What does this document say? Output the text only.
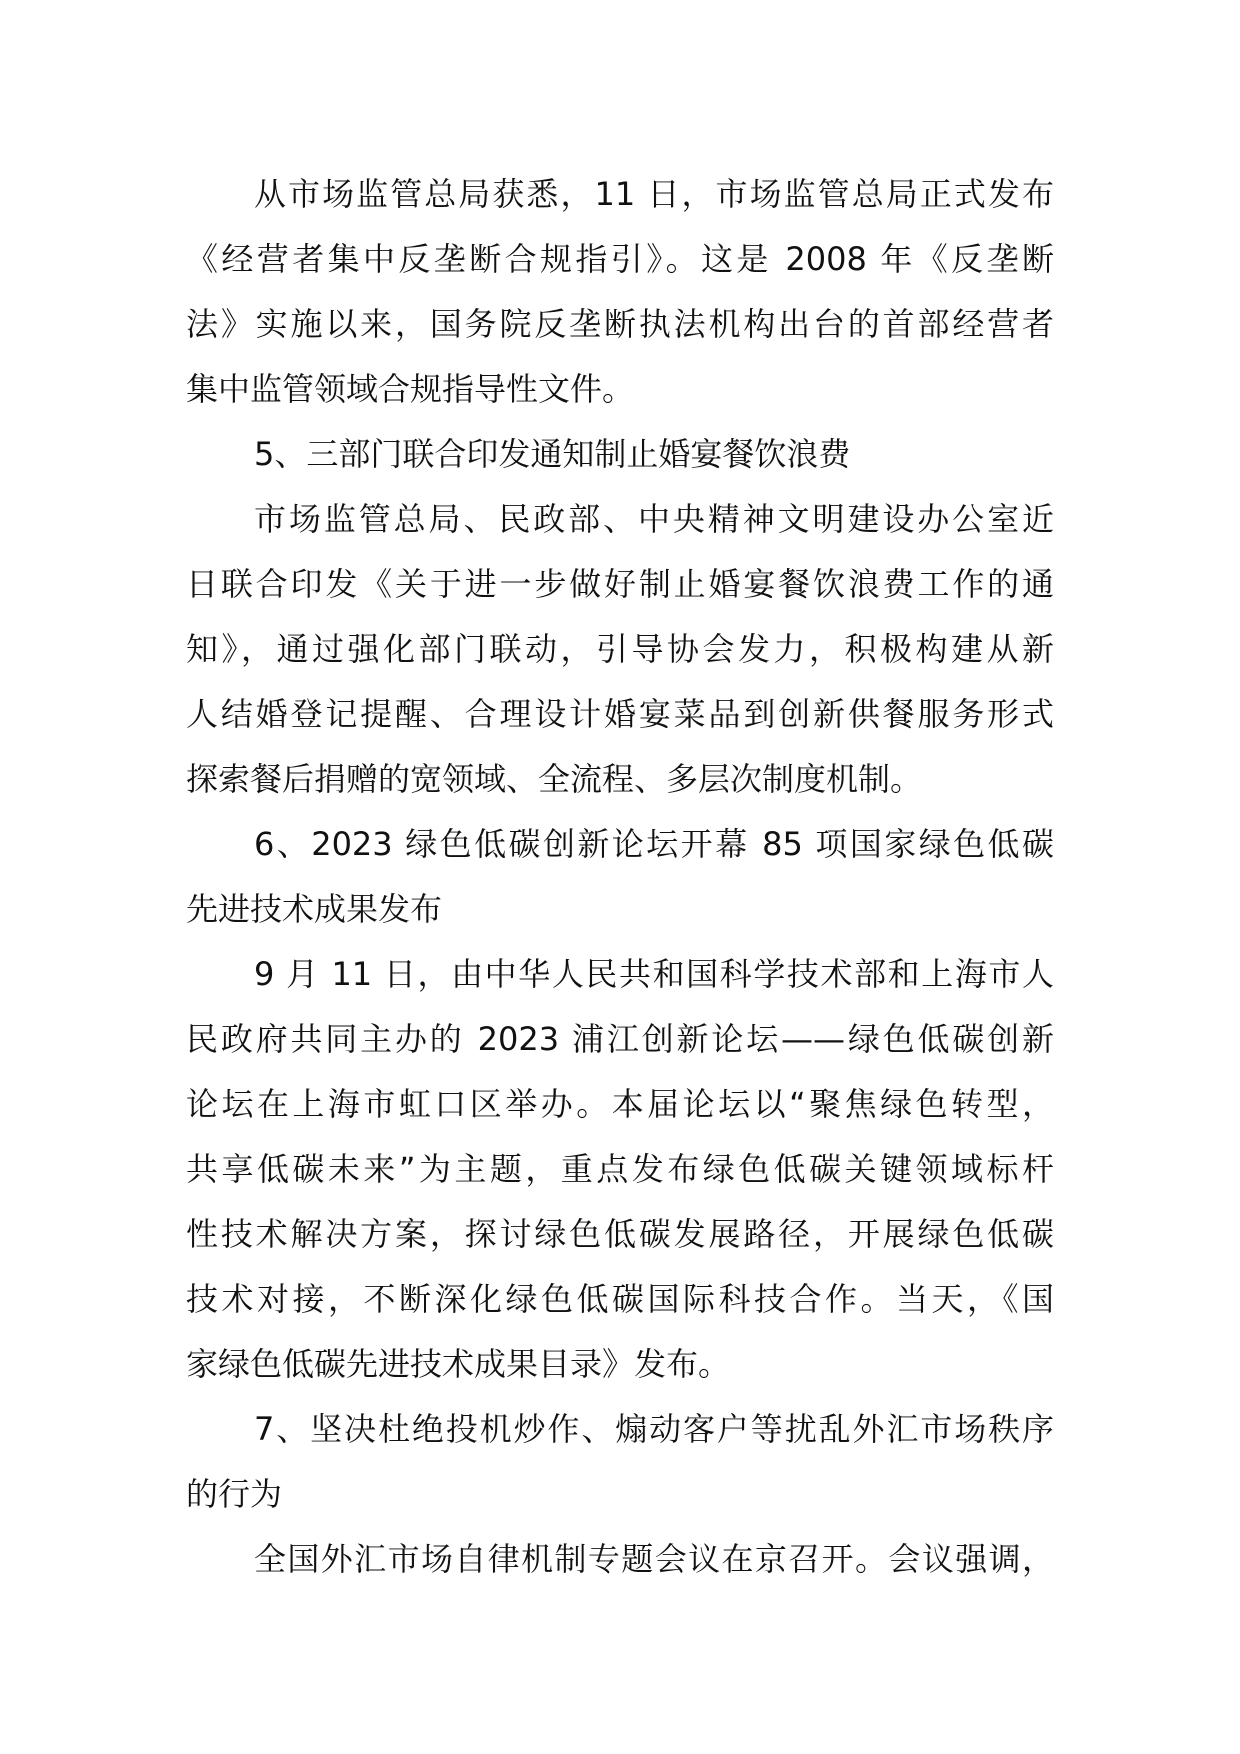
从市场监管总局获悉，11 日，市场监管总局正式发布
《经营者集中反垄断合规指引》。这是 2008 年《反垄断
法》实施以来，国务院反垄断执法机构出台的首部经营者
集中监管领域合规指导性文件。
5、三部门联合印发通知制止婚宴餐饮浪费
市场监管总局、民政部、中央精神文明建设办公室近
日联合印发《关于进一步做好制止婚宴餐饮浪费工作的通
知》，通过强化部门联动，引导协会发力，积极构建从新
人结婚登记提醒、合理设计婚宴菜品到创新供餐服务形式
探索餐后捐赠的宽领域、全流程、多层次制度机制。
6、2023 绿色低碳创新论坛开幕 85 项国家绿色低碳
先进技术成果发布
9 月 11 日，由中华人民共和国科学技术部和上海市人
民政府共同主办的 2023 浦江创新论坛——绿色低碳创新
论坛在上海市虹口区举办。本届论坛以“聚焦绿色转型，
共享低碳未来”为主题，重点发布绿色低碳关键领域标杆
性技术解决方案，探讨绿色低碳发展路径，开展绿色低碳
技术对接，不断深化绿色低碳国际科技合作。当天，《国
家绿色低碳先进技术成果目录》发布。
7、坚决杜绝投机炒作、煽动客户等扰乱外汇市场秩序
的行为
全国外汇市场自律机制专题会议在京召开。会议强调，
